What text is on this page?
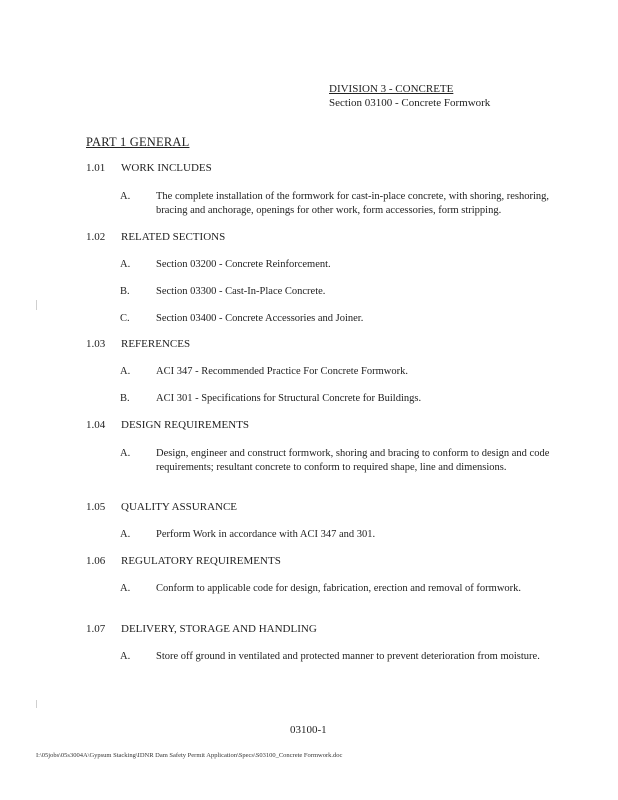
DIVISION 3 - CONCRETE
Section 03100 - Concrete Formwork
PART 1 GENERAL
1.01	WORK INCLUDES
A. The complete installation of the formwork for cast-in-place concrete, with shoring, reshoring, bracing and anchorage, openings for other work, form accessories, form stripping.
1.02	RELATED SECTIONS
A. Section 03200 - Concrete Reinforcement.
B.	Section 03300 - Cast-In-Place Concrete.
C.	Section 03400 - Concrete Accessories and Joiner.
1.03	REFERENCES
A. ACI 347 - Recommended Practice For Concrete Formwork.
B.	ACI 301 - Specifications for Structural Concrete for Buildings.
1.04	DESIGN REQUIREMENTS
A. Design, engineer and construct formwork, shoring and bracing to conform to design and code requirements; resultant concrete to conform to required shape, line and dimensions.
1.05	QUALITY ASSURANCE
A. Perform Work in accordance with ACI 347 and 301.
1.06	REGULATORY REQUIREMENTS
A. Conform to applicable code for design, fabrication, erection and removal of formwork.
1.07	DELIVERY, STORAGE AND HANDLING
A. Store off ground in ventilated and protected manner to prevent deterioration from moisture.
03100-1
I:\05jobs\05s3004A\Gypsum Stacking\IDNR Dam Safety Permit Application\Specs\S03100_Concrete Formwork.doc
